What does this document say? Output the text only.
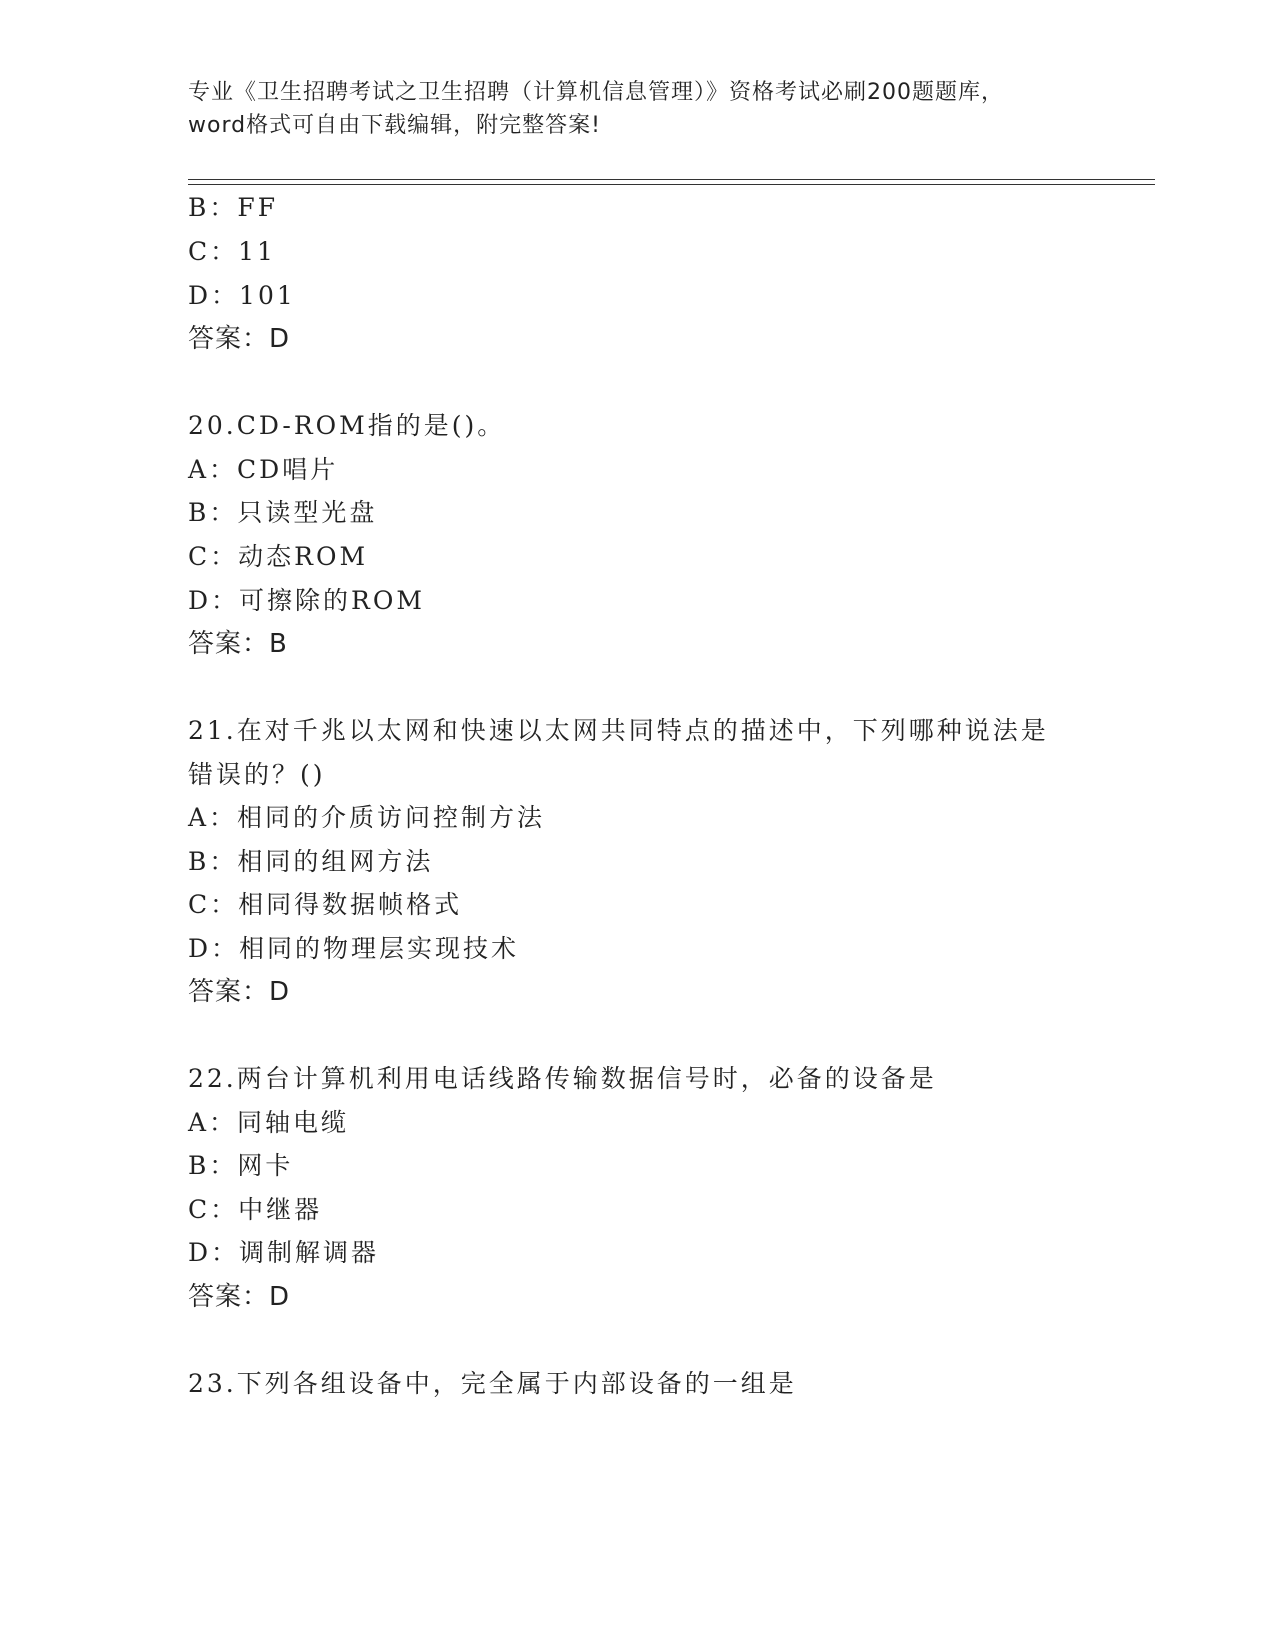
专业《卫生招聘考试之卫生招聘（计算机信息管理）》资格考试必刷200题题库，
word格式可自由下载编辑，附完整答案!
B：FF
C：11
D：101
答案：D
20.CD-ROM指的是()。
A：CD唱片
B：只读型光盘
C：动态ROM
D：可擦除的ROM
答案：B
21.在对千兆以太网和快速以太网共同特点的描述中，下列哪种说法是
错误的？()
A：相同的介质访问控制方法
B：相同的组网方法
C：相同得数据帧格式
D：相同的物理层实现技术
答案：D
22.两台计算机利用电话线路传输数据信号时，必备的设备是
A：同轴电缆
B：网卡
C：中继器
D：调制解调器
答案：D
23.下列各组设备中，完全属于内部设备的一组是
